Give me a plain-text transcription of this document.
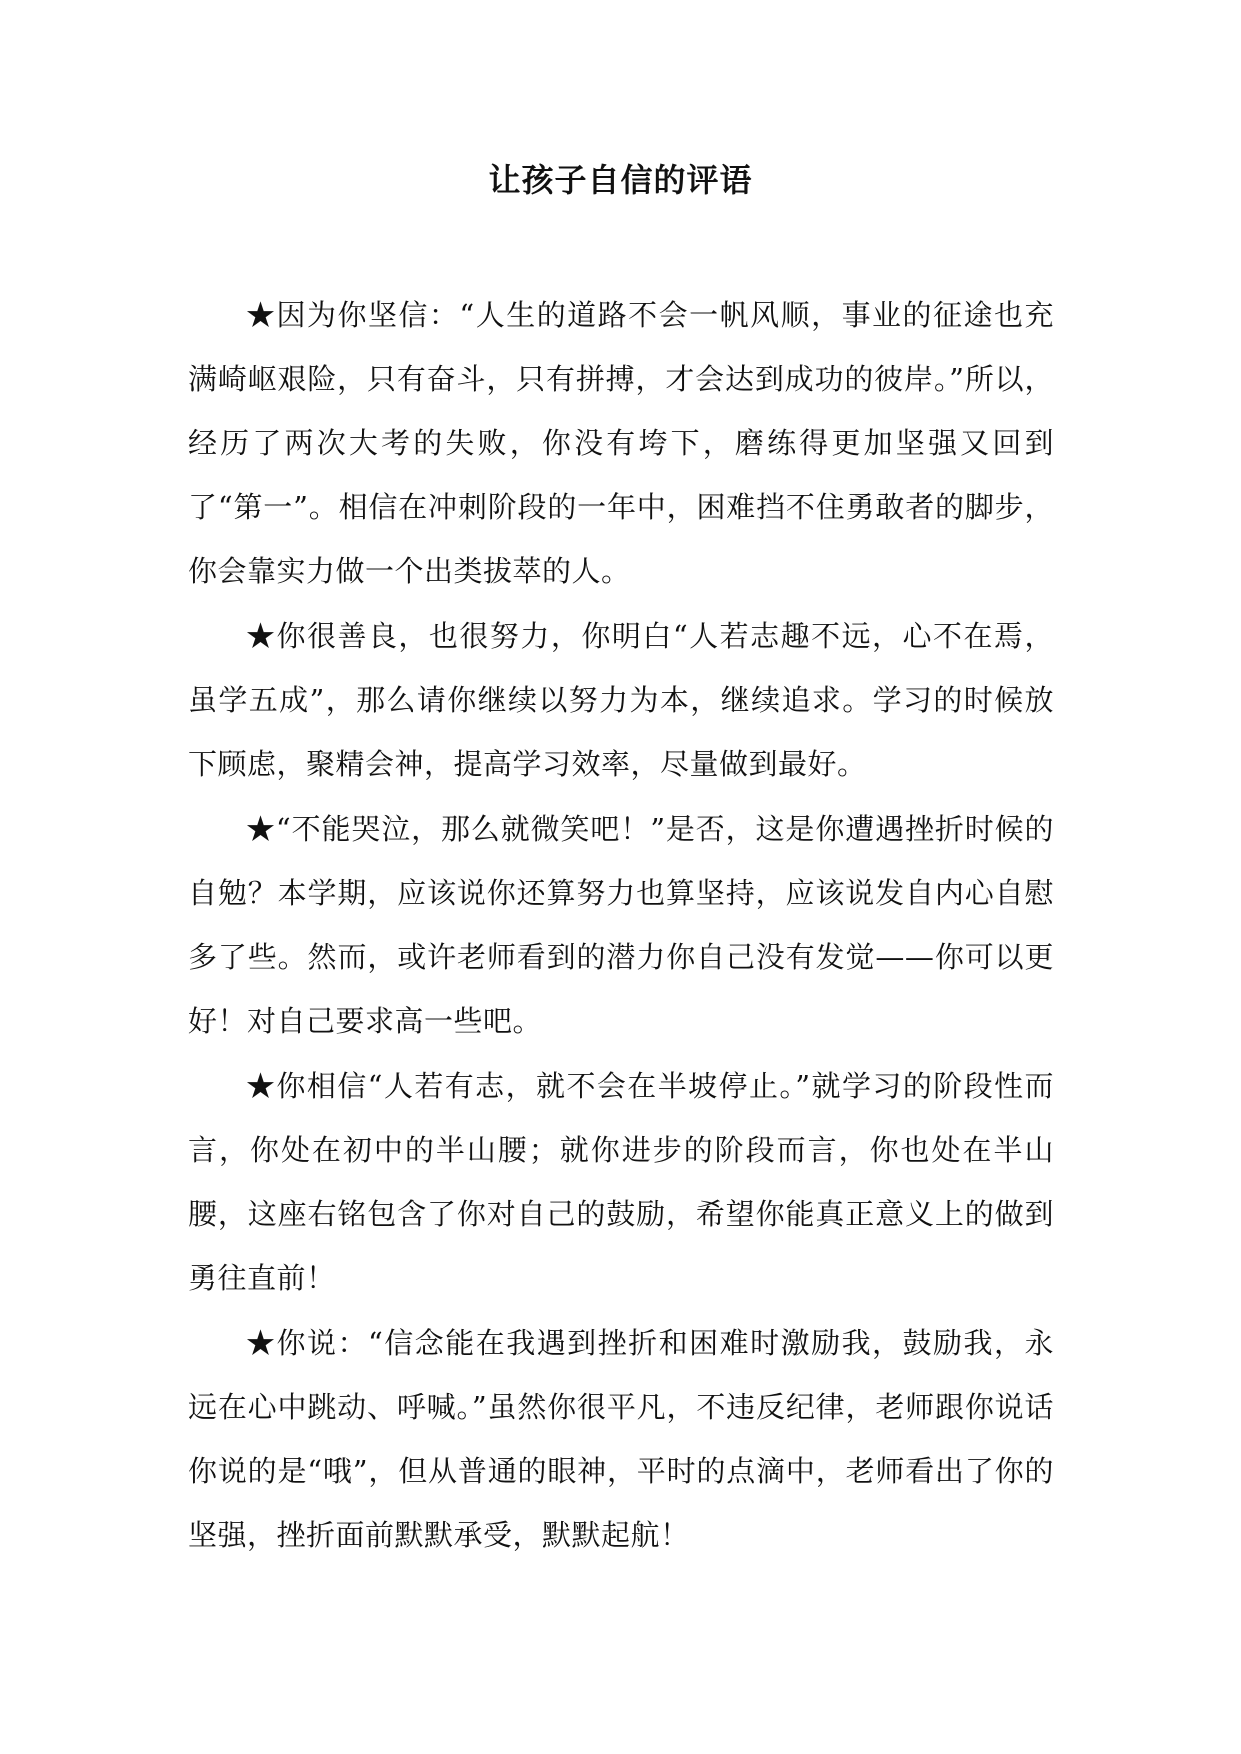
让孩子自信的评语

★因为你坚信：“人生的道路不会一帆风顺，事业的征途也充满崎岖艰险，只有奋斗，只有拼搏，才会达到成功的彼岸。”所以，经历了两次大考的失败，你没有垮下，磨练得更加坚强又回到了“第一”。相信在冲刺阶段的一年中，困难挡不住勇敢者的脚步，你会靠实力做一个出类拔萃的人。

★你很善良，也很努力，你明白“人若志趣不远，心不在焉，虽学五成”，那么请你继续以努力为本，继续追求。学习的时候放下顾虑，聚精会神，提高学习效率，尽量做到最好。

★“不能哭泣，那么就微笑吧！”是否，这是你遭遇挫折时候的自勉？本学期，应该说你还算努力也算坚持，应该说发自内心自慰多了些。然而，或许老师看到的潜力你自己没有发觉——你可以更好！对自己要求高一些吧。

★你相信“人若有志，就不会在半坡停止。”就学习的阶段性而言，你处在初中的半山腰；就你进步的阶段而言，你也处在半山腰，这座右铭包含了你对自己的鼓励，希望你能真正意义上的做到勇往直前！

★你说：“信念能在我遇到挫折和困难时激励我，鼓励我，永远在心中跳动、呼喊。”虽然你很平凡，不违反纪律，老师跟你说话你说的是“哦”，但从普通的眼神，平时的点滴中，老师看出了你的坚强，挫折面前默默承受，默默起航！
